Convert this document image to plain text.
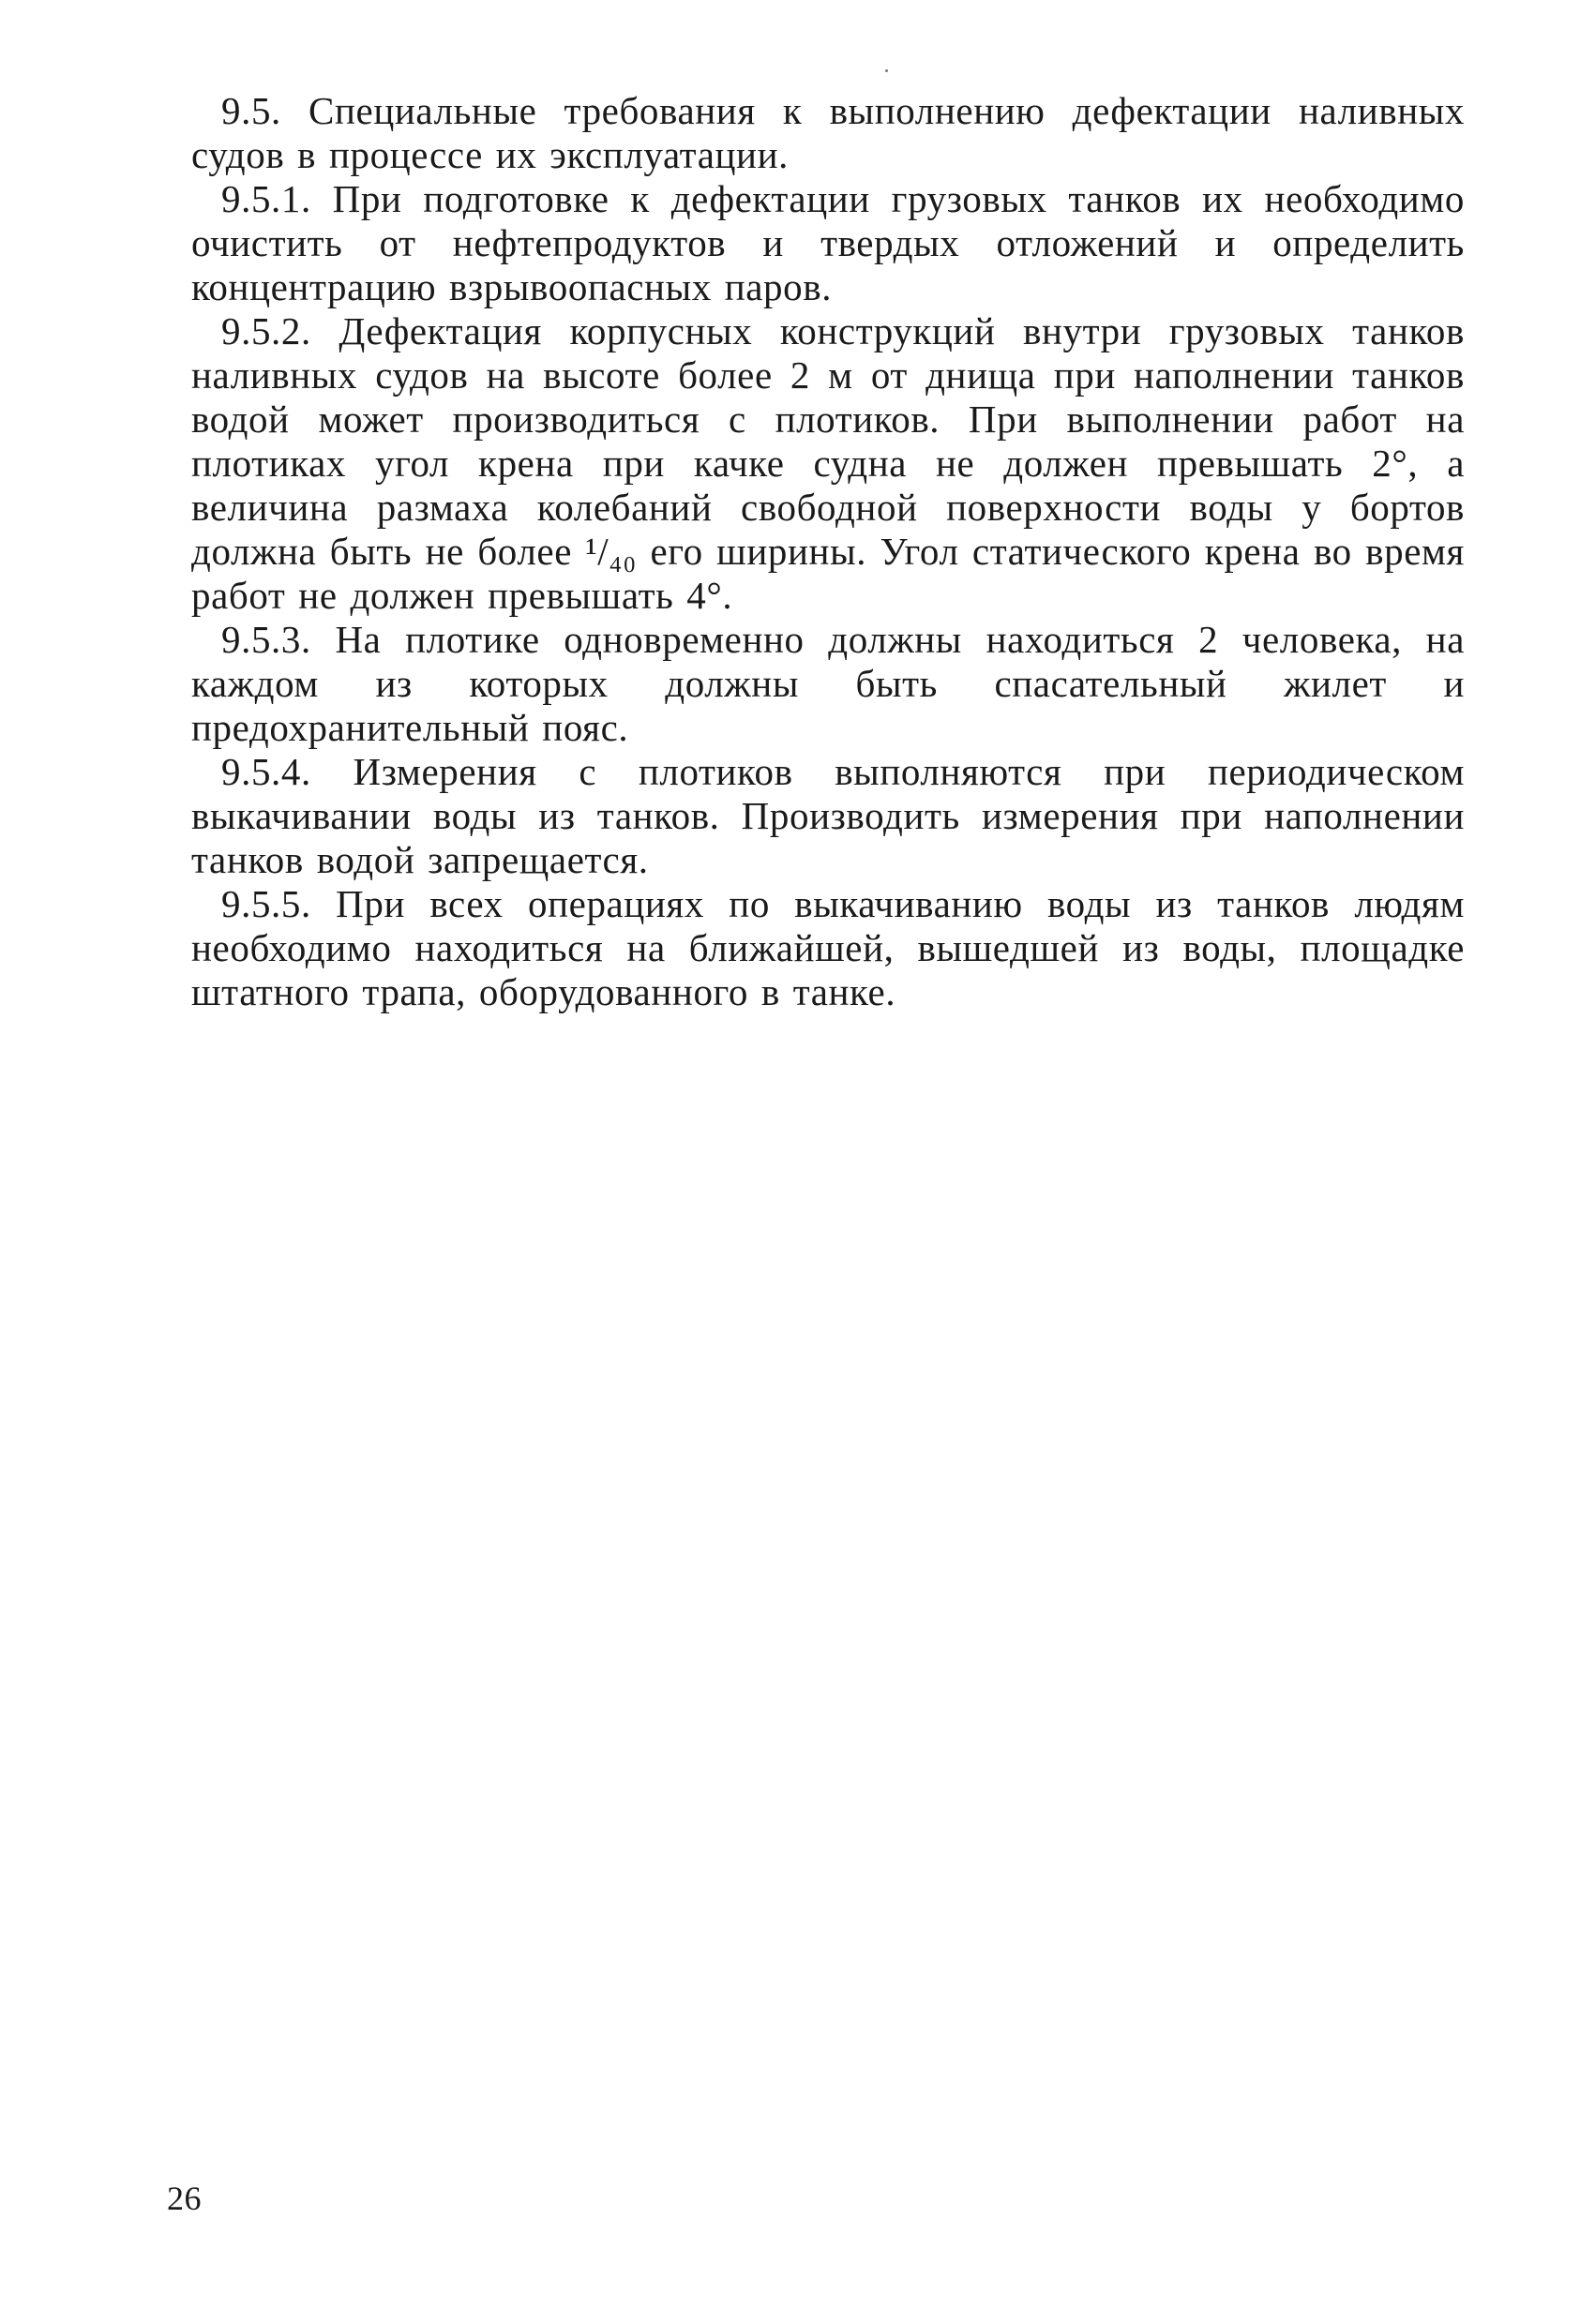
9.5. Специальные требования к выполнению дефектации наливных судов в процессе их эксплуатации.

9.5.1. При подготовке к дефектации грузовых танков их необходимо очистить от нефтепродуктов и твердых отложений и определить концентрацию взрывоопасных паров.

9.5.2. Дефектация корпусных конструкций внутри грузовых танков наливных судов на высоте более 2 м от днища при наполнении танков водой может производиться с плотиков. При выполнении работ на плотиках угол крена при качке судна не должен превышать 2°, а величина размаха колебаний свободной поверхности воды у бортов должна быть не более ¹/₄₀ его ширины. Угол статического крена во время работ не должен превышать 4°.

9.5.3. На плотике одновременно должны находиться 2 человека, на каждом из которых должны быть спасательный жилет и предохранительный пояс.

9.5.4. Измерения с плотиков выполняются при периодическом выкачивании воды из танков. Производить измерения при наполнении танков водой запрещается.

9.5.5. При всех операциях по выкачиванию воды из танков людям необходимо находиться на ближайшей, вышедшей из воды, площадке штатного трапа, оборудованного в танке.

26
